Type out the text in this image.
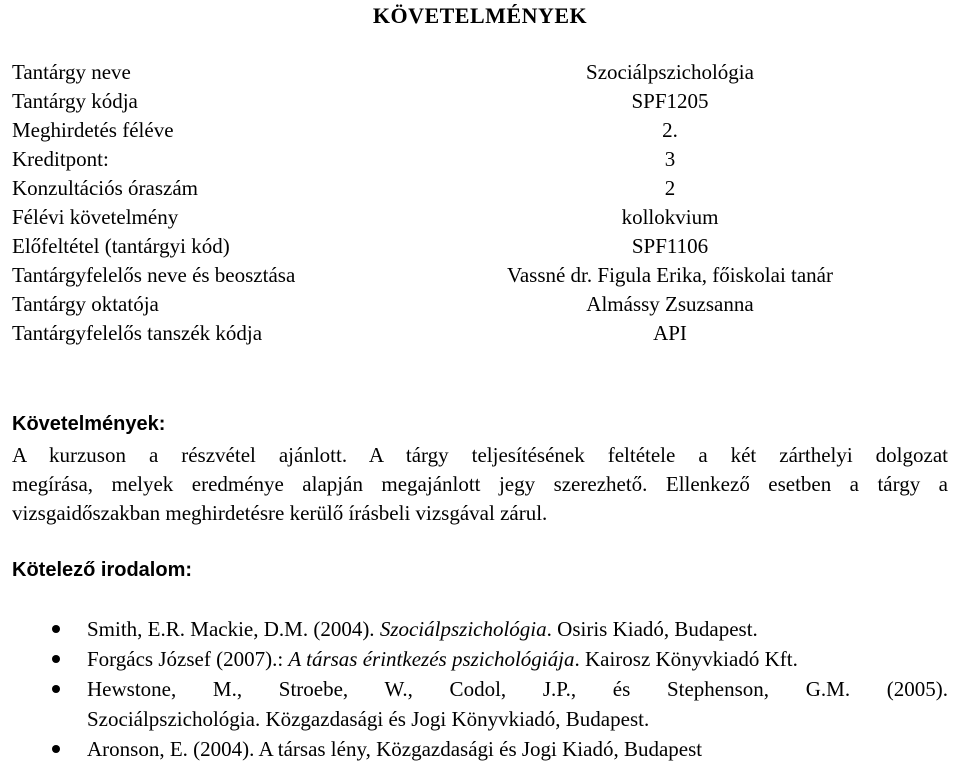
KÖVETELMÉNYEK
Tantárgy neve	Szociálpszichológia
Tantárgy kódja	SPF1205
Meghirdetés féléve	2.
Kreditpont:	3
Konzultációs óraszám	2
Félévi követelmény	kollokvium
Előfeltétel (tantárgyi kód)	SPF1106
Tantárgyfelelős neve és beosztása	Vassné dr. Figula Erika, főiskolai tanár
Tantárgy oktatója	Almássy Zsuzsanna
Tantárgyfelelős tanszék kódja	API
Követelmények:
A kurzuson a részvétel ajánlott. A tárgy teljesítésének feltétele a két zárthelyi dolgozat
megírása, melyek eredménye alapján megajánlott jegy szerezhető. Ellenkező esetben a tárgy a
vizsgaidőszakban meghirdetésre kerülő írásbeli vizsgával zárul.
Kötelező irodalom:
Smith, E.R. Mackie, D.M. (2004). Szociálpszichológia. Osiris Kiadó, Budapest.
Forgács József (2007).: A társas érintkezés pszichológiája. Kairosz Könyvkiadó Kft.
Hewstone, M., Stroebe, W., Codol, J.P., és Stephenson, G.M. (2005).
Szociálpszichológia. Közgazdasági és Jogi Könyvkiadó, Budapest.
Aronson, E. (2004). A társas lény, Közgazdasági és Jogi Kiadó, Budapest
